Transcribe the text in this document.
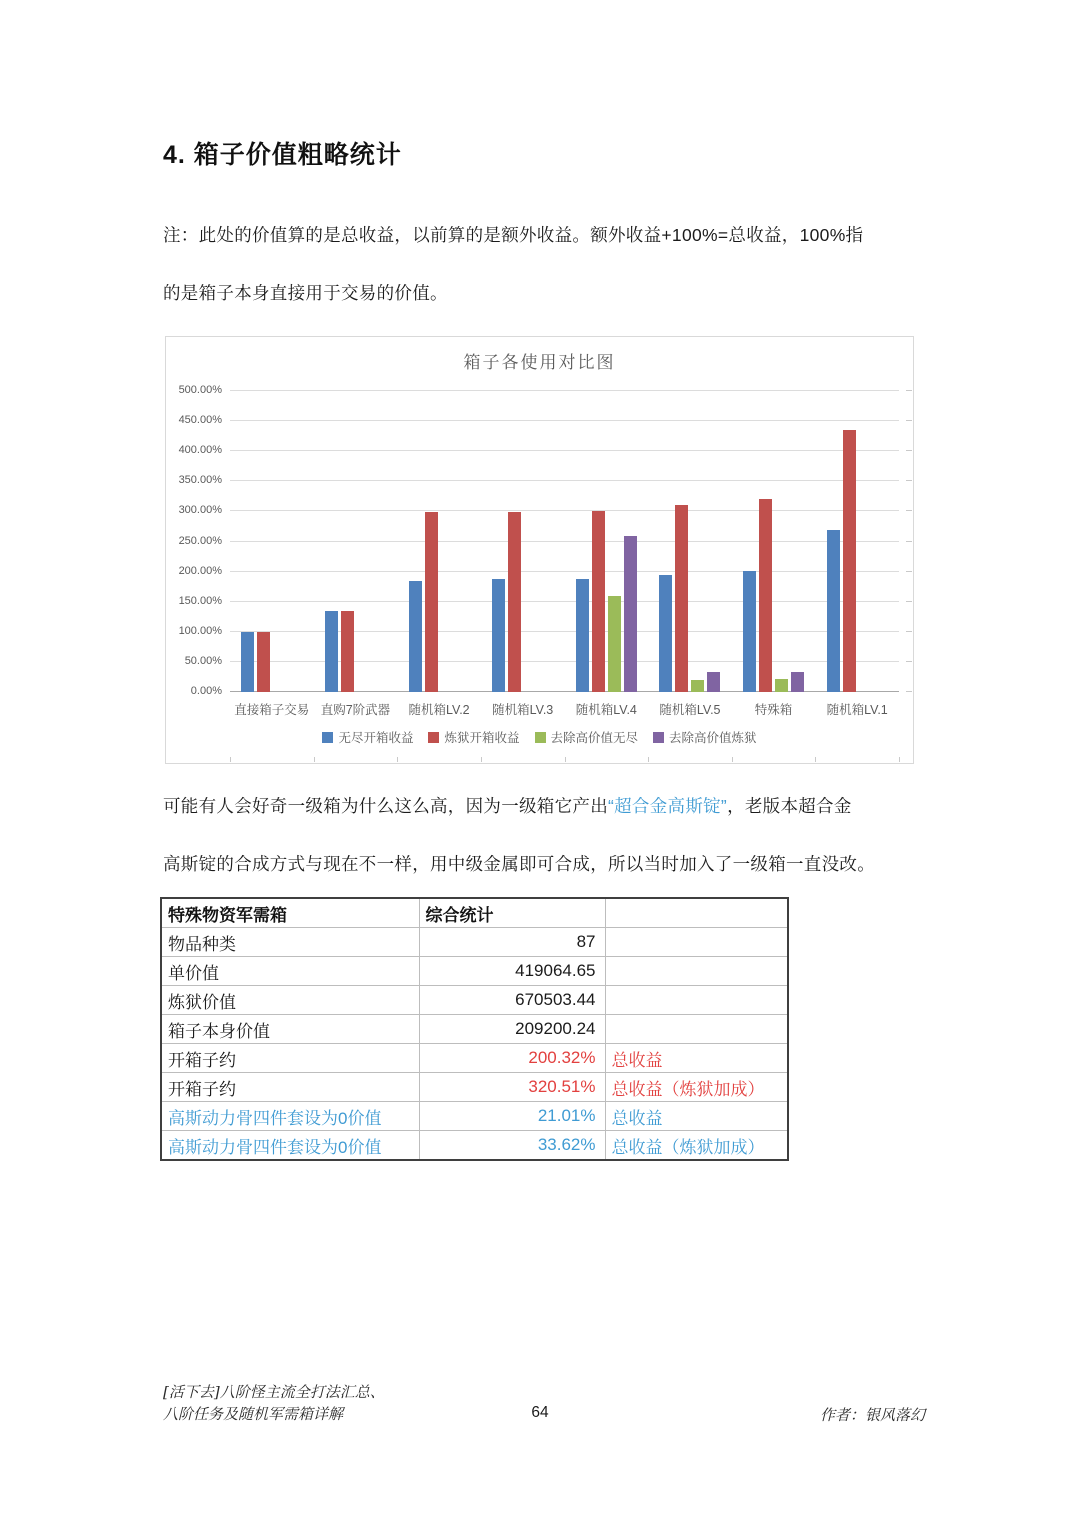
4. 箱子价值粗略统计
注：此处的价值算的是总收益，以前算的是额外收益。额外收益+100%=总收益，100%指
的是箱子本身直接用于交易的价值。
箱子各使用对比图
0.00%
50.00%
100.00%
150.00%
200.00%
250.00%
300.00%
350.00%
400.00%
450.00%
500.00%
直接箱子交易 直购7阶武器	随机箱LV.2	随机箱LV.3	随机箱LV.4	随机箱LV.5	特殊箱	随机箱LV.1
无尽开箱收益 炼狱开箱收益 去除高价值无尽 去除高价值炼狱
可能有人会好奇一级箱为什么这么高，因为一级箱它产出“超合金高斯锭”，老版本超合金
高斯锭的合成方式与现在不一样，用中级金属即可合成，所以当时加入了一级箱一直没改。
特殊物资军需箱	综合统计	
物品种类	87	
单价值	419064.65	
炼狱价值	670503.44	
箱子本身价值	209200.24	
开箱子约	200.32%	总收益
开箱子约	320.51%	总收益（炼狱加成）
高斯动力骨四件套设为0价值	21.01%	总收益
高斯动力骨四件套设为0价值	33.62%	总收益（炼狱加成）
[活下去]八阶怪主流全打法汇总、
八阶任务及随机军需箱详解	64	作者：银风落幻
